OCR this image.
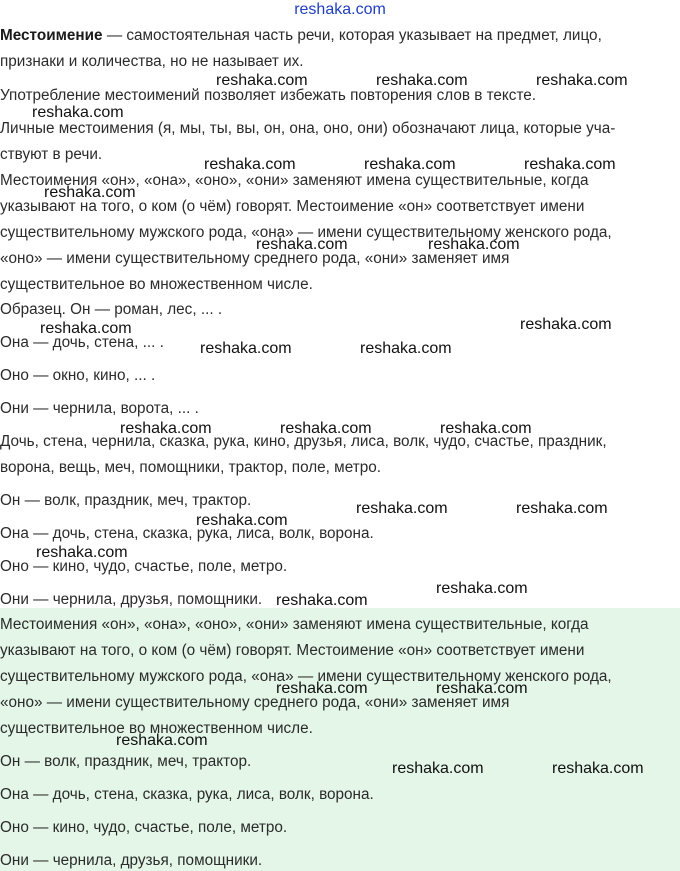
reshaka.com
Местоимение — самостоятельная часть речи, которая указывает на предмет, лицо,
признаки и количества, но не называет их.
Употребление местоимений позволяет избежать повторения слов в тексте.
Личные местоимения (я, мы, ты, вы, он, она, оно, они) обозначают лица, которые уча-
ствуют в речи.
Местоимения «он», «она», «оно», «они» заменяют имена существительные, когда
указывают на того, о ком (о чём) говорят. Местоимение «он» соответствует имени
существительному мужского рода, «она» — имени существительному женского рода,
«оно» — имени существительному среднего рода, «они» заменяет имя
существительное во множественном числе.
Образец. Он — роман, лес, ... .
Она — дочь, стена, ... .
Оно — окно, кино, ... .
Они — чернила, ворота, ... .
Дочь, стена, чернила, сказка, рука, кино, друзья, лиса, волк, чудо, счастье, праздник,
ворона, вещь, меч, помощники, трактор, поле, метро.
Он — волк, праздник, меч, трактор.
Она — дочь, стена, сказка, рука, лиса, волк, ворона.
Оно — кино, чудо, счастье, поле, метро.
Они — чернила, друзья, помощники.
Местоимения «он», «она», «оно», «они» заменяют имена существительные, когда
указывают на того, о ком (о чём) говорят. Местоимение «он» соответствует имени
существительному мужского рода, «она» — имени существительному женского рода,
«оно» — имени существительному среднего рода, «они» заменяет имя
существительное во множественном числе.
Он — волк, праздник, меч, трактор.
Она — дочь, стена, сказка, рука, лиса, волк, ворона.
Оно — кино, чудо, счастье, поле, метро.
Они — чернила, друзья, помощники.
reshaka.com	reshaka.com	reshaka.com
reshaka.com
reshaka.com	reshaka.com	reshaka.com
reshaka.com
reshaka.com	reshaka.com
reshaka.com	reshaka.com
reshaka.com	reshaka.com
reshaka.com	reshaka.com	reshaka.com
reshaka.com	reshaka.com
reshaka.com
reshaka.com
reshaka.com
reshaka.com
reshaka.com	reshaka.com
reshaka.com
reshaka.com	reshaka.com
